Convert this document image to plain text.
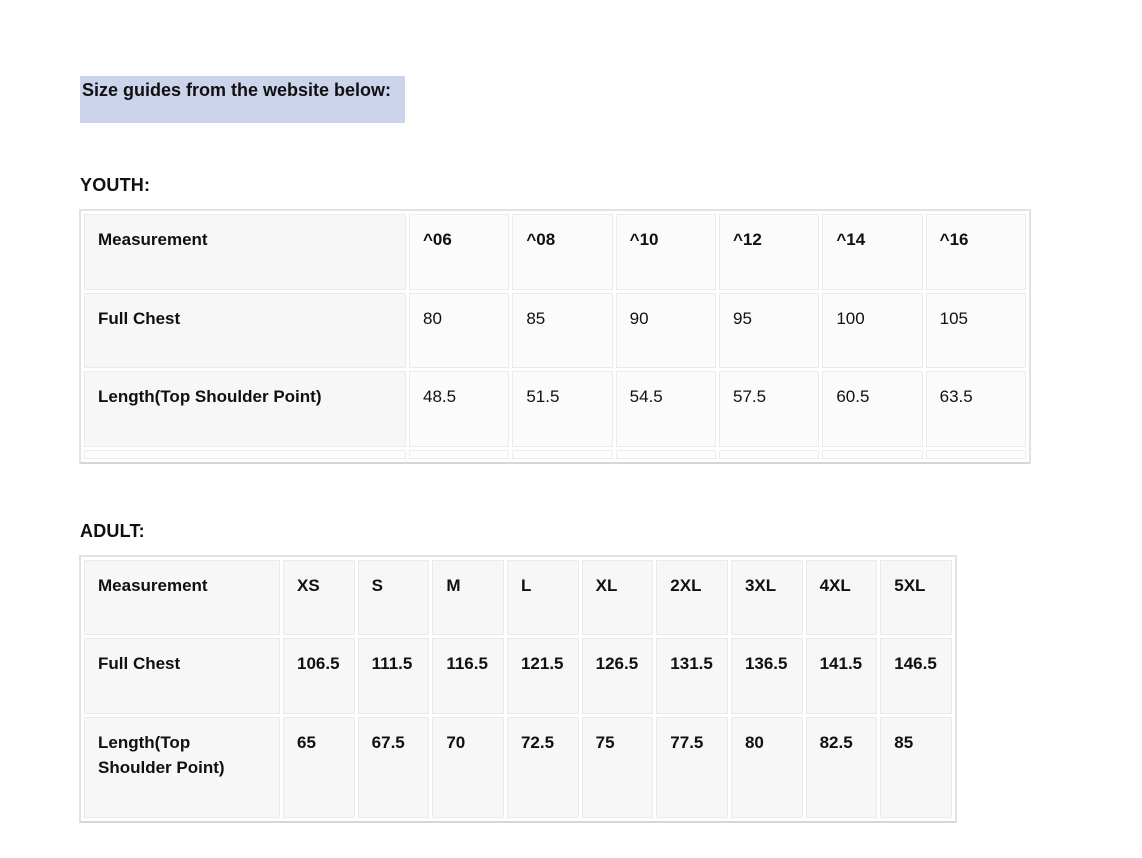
Size guides from the website below:
YOUTH:
Measurement	^06	^08	^10	^12	^14	^16
Full Chest	80	85	90	95	100	105
Length(Top Shoulder Point)	48.5	51.5	54.5	57.5	60.5	63.5

ADULT:
Measurement	XS	S	M	L	XL	2XL	3XL	4XL	5XL
Full Chest	106.5	111.5	116.5	121.5	126.5	131.5	136.5	141.5	146.5
Length(Top Shoulder Point)	65	67.5	70	72.5	75	77.5	80	82.5	85
